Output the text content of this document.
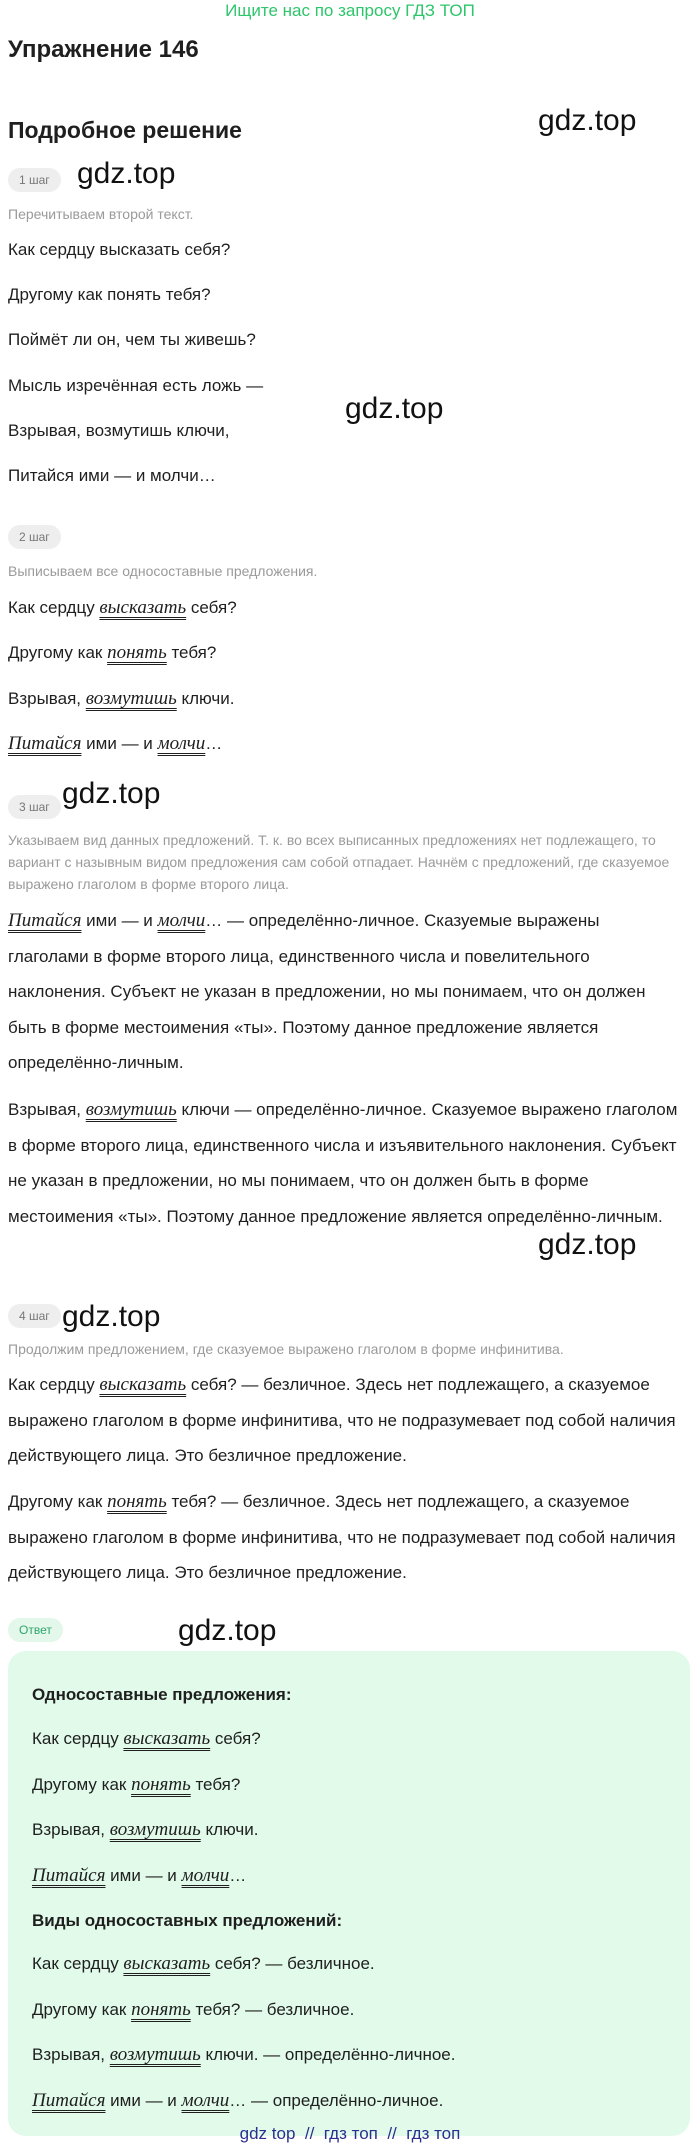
Ищите нас по запросу ГДЗ ТОП
Упражнение 146
Подробное решение	gdz.top
gdz.top
gdz.top
gdz.top
gdz.top
gdz.top
gdz.top
1 шаг
Перечитываем второй текст.
Как сердцу высказать себя?
Другому как понять тебя?
Поймёт ли он, чем ты живешь?
Мысль изречённая есть ложь —
Взрывая, возмутишь ключи,
Питайся ими — и молчи…
2 шаг
Выписываем все односоставные предложения.
Как сердцу высказать себя?
Другому как понять тебя?
Взрывая, возмутишь ключи.
Питайся ими — и молчи…
3 шаг
Указываем вид данных предложений. Т. к. во всех выписанных предложениях нет подлежащего, то вариант с назывным видом предложения сам собой отпадает. Начнём с предложений, где сказуемое выражено глаголом в форме второго лица.
Питайся ими — и молчи… — определённо-личное. Сказуемые выражены глаголами в форме второго лица, единственного числа и повелительного наклонения. Субъект не указан в предложении, но мы понимаем, что он должен быть в форме местоимения «ты». Поэтому данное предложение является определённо-личным.
Взрывая, возмутишь ключи — определённо-личное. Сказуемое выражено глаголом в форме второго лица, единственного числа и изъявительного наклонения. Субъект не указан в предложении, но мы понимаем, что он должен быть в форме местоимения «ты». Поэтому данное предложение является определённо-личным.
4 шаг
Продолжим предложением, где сказуемое выражено глаголом в форме инфинитива.
Как сердцу высказать себя? — безличное. Здесь нет подлежащего, а сказуемое выражено глаголом в форме инфинитива, что не подразумевает под собой наличия действующего лица. Это безличное предложение.
Другому как понять тебя? — безличное. Здесь нет подлежащего, а сказуемое выражено глаголом в форме инфинитива, что не подразумевает под собой наличия действующего лица. Это безличное предложение.
Ответ
Односоставные предложения:
Как сердцу высказать себя?
Другому как понять тебя?
Взрывая, возмутишь ключи.
Питайся ими — и молчи…
Виды односоставных предложений:
Как сердцу высказать себя? — безличное.
Другому как понять тебя? — безличное.
Взрывая, возмутишь ключи. — определённо-личное.
Питайся ими — и молчи… — определённо-личное.
gdz top  //  гдз топ  //  гдз топ
